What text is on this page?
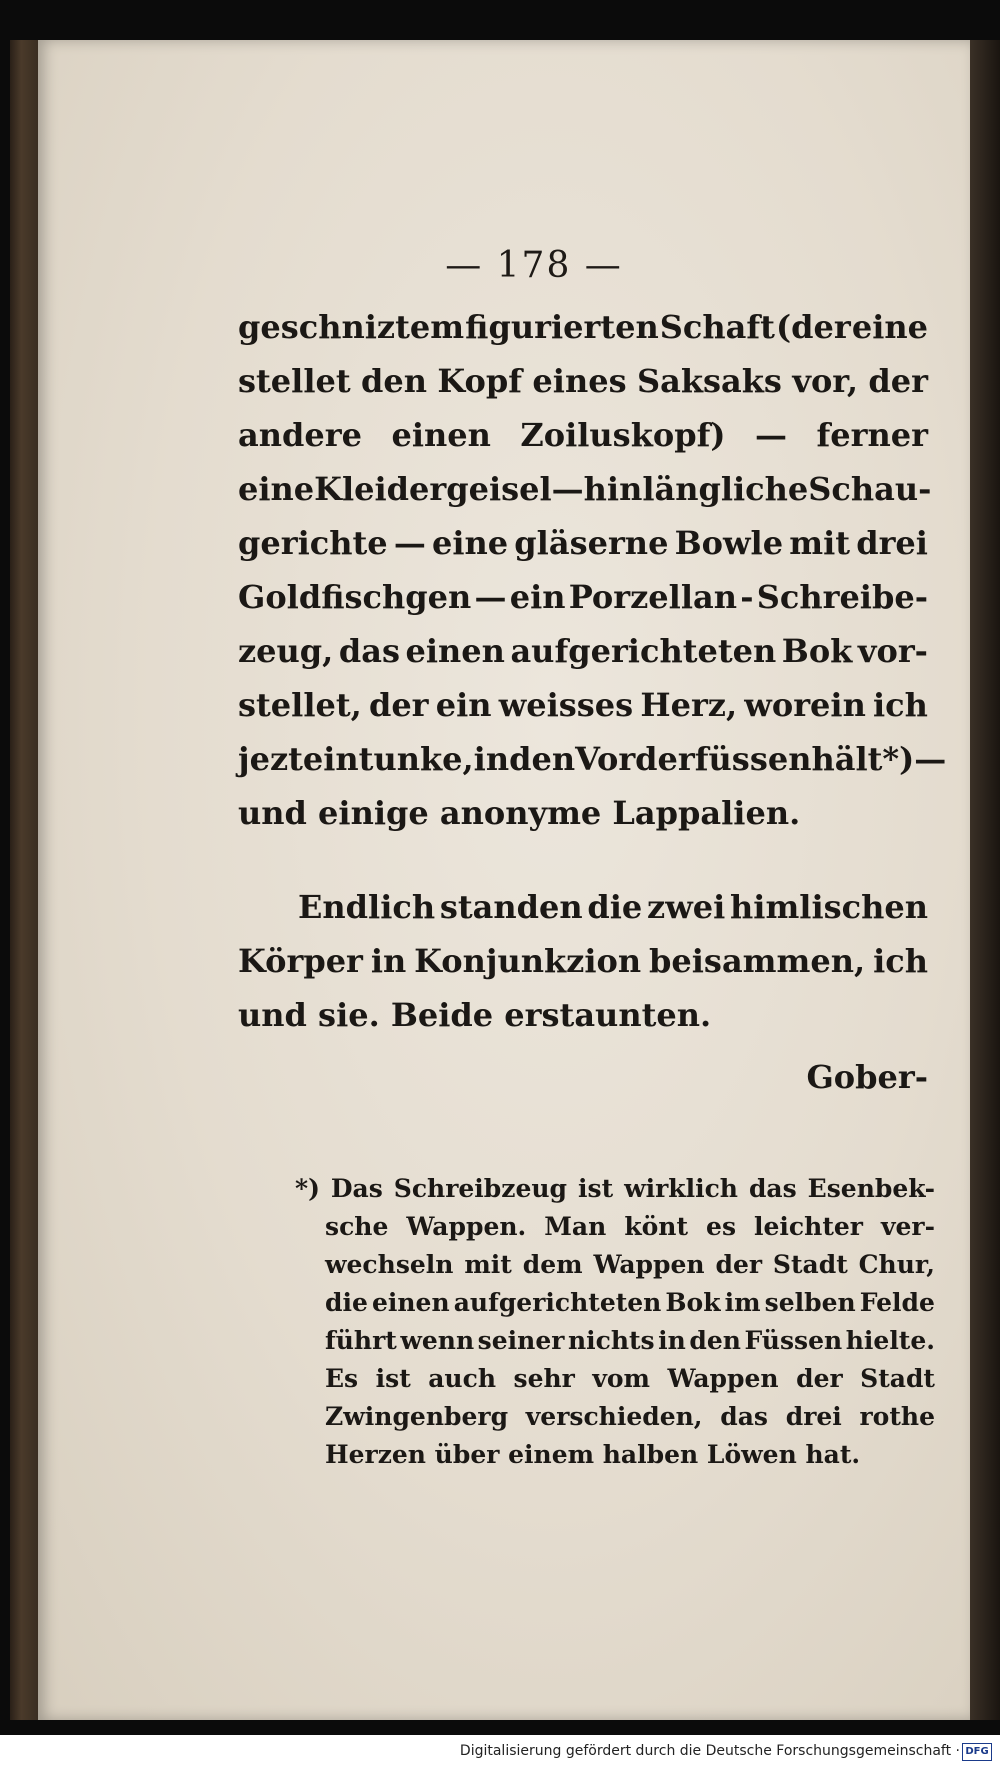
— 178 —
geschniztem figurierten Schaft (der eine
stellet den Kopf eines Saksaks vor, der
andere einen Zoiluskopf) — ferner
eine Kleidergeisel — hinlängliche Schau-
gerichte — eine gläserne Bowle mit drei
Goldfischgen — ein Porzellan - Schreibe-
zeug, das einen aufgerichteten Bok vor-
stellet, der ein weisses Herz, worein ich
jezt eintunke, in den Vorderfüssen hält *) —
und einige anonyme Lappalien.
Endlich standen die zwei himlischen
Körper in Konjunkzion beisammen, ich
und sie. Beide erstaunten.
Gober-
*) Das Schreibzeug ist wirklich das Esenbek-
sche Wappen. Man könt es leichter ver-
wechseln mit dem Wappen der Stadt Chur,
die einen aufgerichteten Bok im selben Felde
führt wenn seiner nichts in den Füssen hielte.
Es ist auch sehr vom Wappen der Stadt
Zwingenberg verschieden, das drei rothe
Herzen über einem halben Löwen hat.
Digitalisierung gefördert durch die Deutsche Forschungsgemeinschaft · DFG
